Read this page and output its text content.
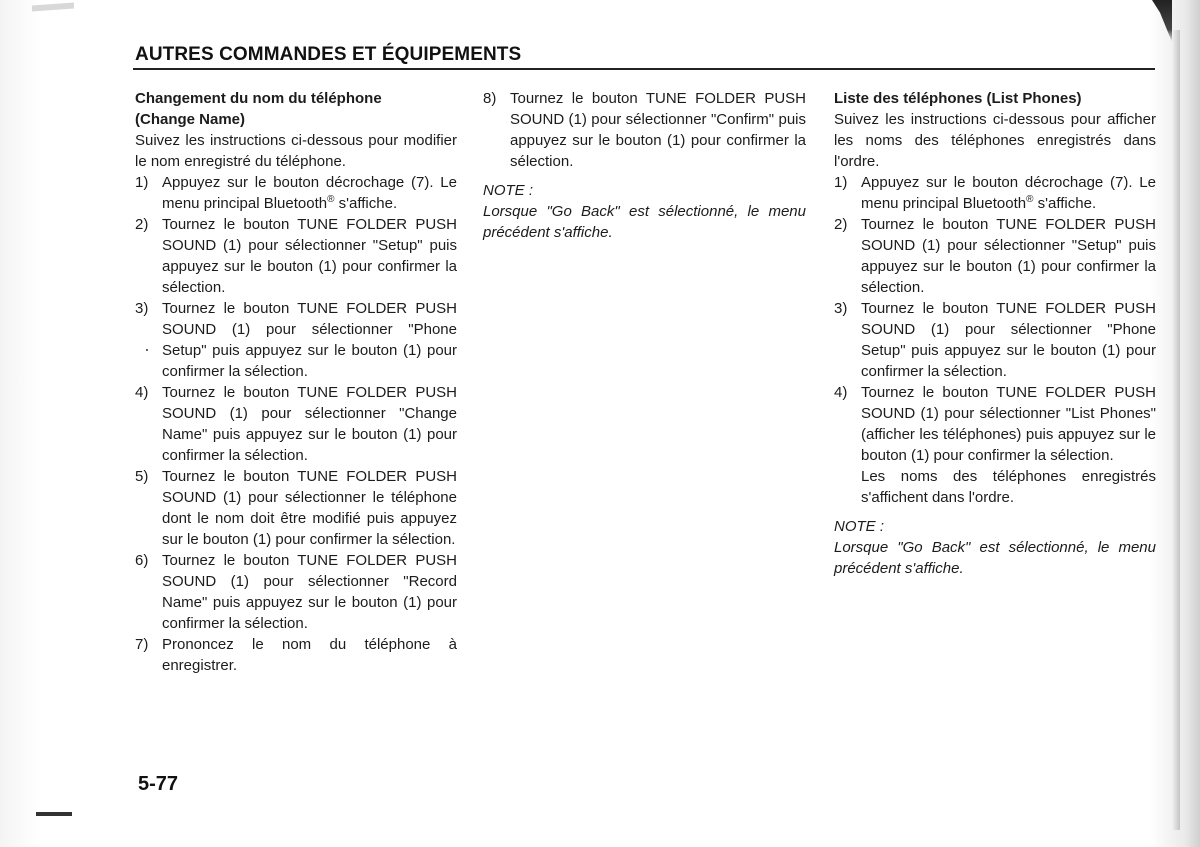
AUTRES COMMANDES ET ÉQUIPEMENTS

Changement du nom du téléphone
(Change Name)

Suivez les instructions ci-dessous pour modifier le nom enregistré du téléphone.

1) Appuyez sur le bouton décrochage (7). Le menu principal Bluetooth® s'affiche.
2) Tournez le bouton TUNE FOLDER PUSH SOUND (1) pour sélectionner "Setup" puis appuyez sur le bouton (1) pour confirmer la sélection.
3) Tournez le bouton TUNE FOLDER PUSH SOUND (1) pour sélectionner "Phone Setup" puis appuyez sur le bouton (1) pour confirmer la sélection.
4) Tournez le bouton TUNE FOLDER PUSH SOUND (1) pour sélectionner "Change Name" puis appuyez sur le bouton (1) pour confirmer la sélection.
5) Tournez le bouton TUNE FOLDER PUSH SOUND (1) pour sélectionner le téléphone dont le nom doit être modifié puis appuyez sur le bouton (1) pour confirmer la sélection.
6) Tournez le bouton TUNE FOLDER PUSH SOUND (1) pour sélectionner "Record Name" puis appuyez sur le bouton (1) pour confirmer la sélection.
7) Prononcez le nom du téléphone à enregistrer.
8) Tournez le bouton TUNE FOLDER PUSH SOUND (1) pour sélectionner "Confirm" puis appuyez sur le bouton (1) pour confirmer la sélection.

NOTE :

Lorsque "Go Back" est sélectionné, le menu précédent s'affiche.

Liste des téléphones (List Phones)

Suivez les instructions ci-dessous pour afficher les noms des téléphones enregistrés dans l'ordre.

1) Appuyez sur le bouton décrochage (7). Le menu principal Bluetooth® s'affiche.
2) Tournez le bouton TUNE FOLDER PUSH SOUND (1) pour sélectionner "Setup" puis appuyez sur le bouton (1) pour confirmer la sélection.
3) Tournez le bouton TUNE FOLDER PUSH SOUND (1) pour sélectionner "Phone Setup" puis appuyez sur le bouton (1) pour confirmer la sélection.
4) Tournez le bouton TUNE FOLDER PUSH SOUND (1) pour sélectionner "List Phones" (afficher les téléphones) puis appuyez sur le bouton (1) pour confirmer la sélection.
Les noms des téléphones enregistrés s'affichent dans l'ordre.

NOTE :

Lorsque "Go Back" est sélectionné, le menu précédent s'affiche.

5-77
